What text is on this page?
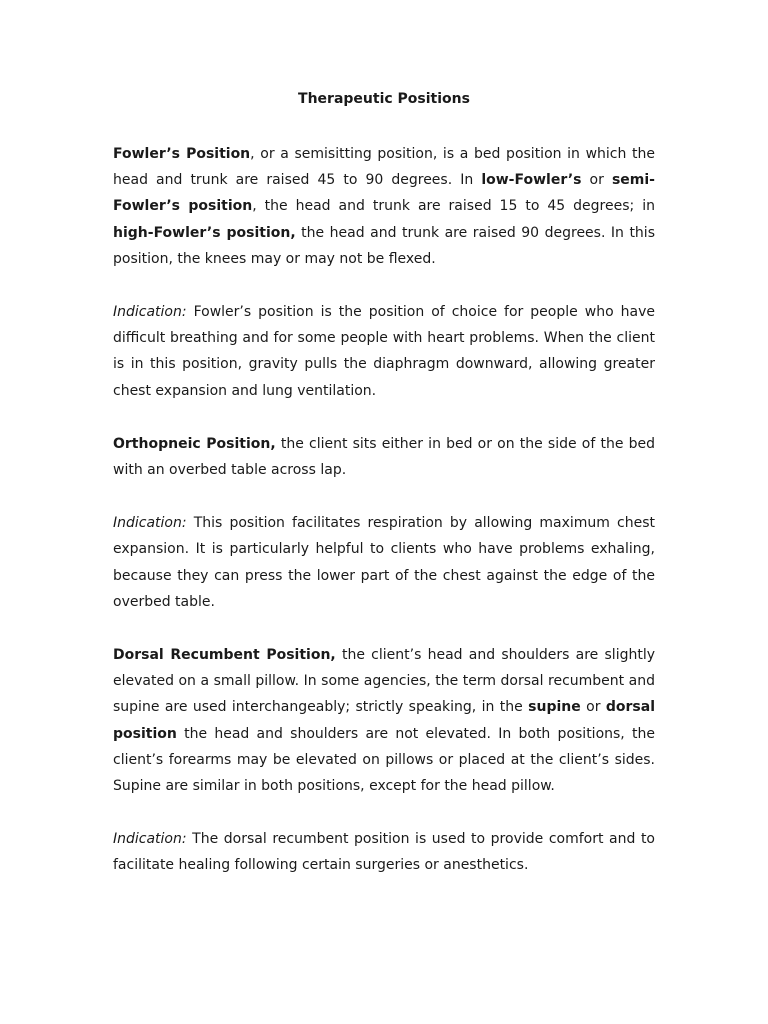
Therapeutic Positions

Fowler’s Position, or a semisitting position, is a bed position in which the head and trunk are raised 45 to 90 degrees. In low-Fowler’s or semi-Fowler’s position, the head and trunk are raised 15 to 45 degrees; in high-Fowler’s position, the head and trunk are raised 90 degrees. In this position, the knees may or may not be flexed.

Indication: Fowler’s position is the position of choice for people who have difficult breathing and for some people with heart problems. When the client is in this position, gravity pulls the diaphragm downward, allowing greater chest expansion and lung ventilation.

Orthopneic Position, the client sits either in bed or on the side of the bed with an overbed table across lap.

Indication: This position facilitates respiration by allowing maximum chest expansion. It is particularly helpful to clients who have problems exhaling, because they can press the lower part of the chest against the edge of the overbed table.

Dorsal Recumbent Position, the client’s head and shoulders are slightly elevated on a small pillow. In some agencies, the term dorsal recumbent and supine are used interchangeably; strictly speaking, in the supine or dorsal position the head and shoulders are not elevated. In both positions, the client’s forearms may be elevated on pillows or placed at the client’s sides. Supine are similar in both positions, except for the head pillow.

Indication: The dorsal recumbent position is used to provide comfort and to facilitate healing following certain surgeries or anesthetics.
